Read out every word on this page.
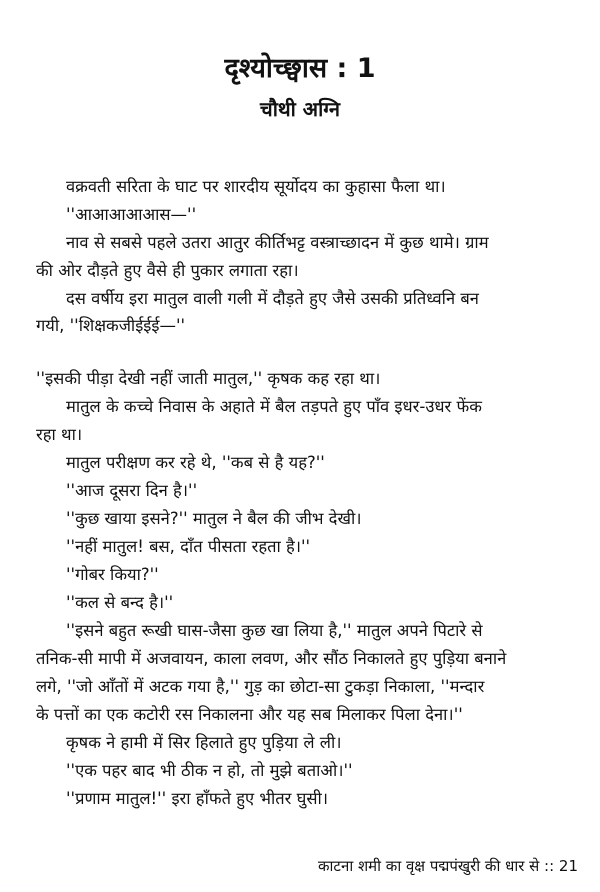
दृश्योच्छ्वास : 1
चौथी अग्नि
वक्रवती सरिता के घाट पर शारदीय सूर्योदय का कुहासा फैला था।
''आआआआआस—''
नाव से सबसे पहले उतरा आतुर कीर्तिभट्ट वस्त्राच्छादन में कुछ थामे। ग्राम
की ओर दौड़ते हुए वैसे ही पुकार लगाता रहा।
दस वर्षीय इरा मातुल वाली गली में दौड़ते हुए जैसे उसकी प्रतिध्वनि बन
गयी, ''शिक्षकजीईईई—''
''इसकी पीड़ा देखी नहीं जाती मातुल,'' कृषक कह रहा था।
मातुल के कच्चे निवास के अहाते में बैल तड़पते हुए पाँव इधर-उधर फेंक
रहा था।
मातुल परीक्षण कर रहे थे, ''कब से है यह?''
''आज दूसरा दिन है।''
''कुछ खाया इसने?'' मातुल ने बैल की जीभ देखी।
''नहीं मातुल! बस, दाँत पीसता रहता है।''
''गोबर किया?''
''कल से बन्द है।''
''इसने बहुत रूखी घास-जैसा कुछ खा लिया है,'' मातुल अपने पिटारे से
तनिक-सी मापी में अजवायन, काला लवण, और सौंठ निकालते हुए पुड़िया बनाने
लगे, ''जो आँतों में अटक गया है,'' गुड़ का छोटा-सा टुकड़ा निकाला, ''मन्दार
के पत्तों का एक कटोरी रस निकालना और यह सब मिलाकर पिला देना।''
कृषक ने हामी में सिर हिलाते हुए पुड़िया ले ली।
''एक पहर बाद भी ठीक न हो, तो मुझे बताओ।''
''प्रणाम मातुल!'' इरा हाँफते हुए भीतर घुसी।
काटना शमी का वृक्ष पद्मपंखुरी की धार से :: 21
